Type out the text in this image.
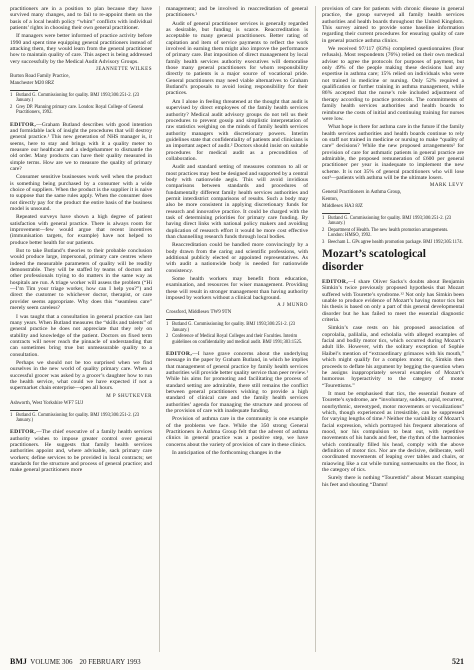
practitioners are in a position to plan because they have survived many changes, and to fail to re-appoint them on the basis of a local health policy “whim” conflicts with individual patients’ rights in choosing their own general practitioner.

If managers were better informed of practice activity before 1990 and spent time equipping general practitioners instead of attacking them, they would learn from the general practitioner how to maintain quality of care. This aspect is being addressed very successfully by the Medical Audit Advisory Groups.

JEANNETTE WILKES
Burton Road Family Practice,
Manchester M20 8RZ
1 Butland G. Commissioning for quality. BMJ 1993;306:251-2. (23 January.)
2 Grey DP. Planning primary care. London: Royal College of General Practitioners, 1992.

EDITOR,—Graham Butland describes with good intention and formidable lack of insight the procedures that will destroy general practice.¹ This new generation of NHS manager is, it seems, here to stay and brings with it a quality meter to measure our healthcare and a sledgehammer to dismantle the old order. Many products can have their quality measured in simple terms. How are we to measure the quality of primary care?

Consumer sensitive businesses work well when the product is something being purchased by a consumer with a wide choice of suppliers. When the product is the supplier it is naive to suppose that the same rules apply. When the consumer does not directly pay for the product the entire basis of the business model is unsound.

Repeated surveys have shown a high degree of patient satisfaction with general practice. There is always room for improvement—few would argue that recent incentives (immunisation targets, for example) have not helped to produce better health for our patients.

But to take Butland’s theories to their probable conclusion would produce large, impersonal, primary care centres where indeed the measurable parameters of quality will be readily demonstrable. They will be staffed by teams of doctors and other professionals trying to do matters in the same way as hospitals are run. A triage worker will assess the problem (“Hi—I’m Tim your triage worker, how can I help you?”) and direct the customer to whichever doctor, therapist, or care provider seems appropriate. Why does this “seamless care” merely seem careless?

I was taught that a consultation in general practice can last many years. When Butland measures the “skills and talents” of general practice he does not appreciate that they rely on stability and knowledge of the patient. Doctors on fixed term contracts will never reach the pinnacle of understanding that can sometimes bring true but unmeasurable quality to a consultation.

Perhaps we should not be too surprised when we find ourselves in the new world of quality primary care. When a successful grocer was asked by a grocer’s daughter how to run the health service, what could we have expected if not a supermarket chain enterprise—open all hours.

M P SHUTKEVER
Ashworth, West Yorkshire WF7 5UJ
1 Butland G. Commissioning for quality. BMJ 1993;306:251-2. (23 January.)

EDITOR,—The chief executive of a family health services authority wishes to impose greater control over general practitioners. He suggests that family health services authorities appoint and, where advisable, sack primary care workers; define services to be provided in local contracts; set standards for the structure and process of general practice; and make general practitioners more

management; and be involved in reaccreditation of general practitioners.¹

Audit of general practitioner services is generally regarded as desirable, but funding is scarce. Reaccreditation is acceptable to many general practitioners. Better rating of capitation and item of service payments to reflect the work involved in earning them might also improve the performance of primary care. But imposition of direct management by local family health services authority executives will demoralise those many general practitioners for whom responsibility directly to patients is a major source of vocational pride. General practitioners may need viable alternatives to Graham Butland’s proposals to avoid losing responsibility for their practices.

Am I alone in feeling threatened at the thought that audit is supervised by direct employees of the family health services authority? Medical audit advisory groups do not tell us their procedures to prevent gossip and simplistic interpretation of raw statistics weighing on the minds of family health services authority managers with discretionary powers. Interim guidelines state that confidentiality of patients and clinicians is an important aspect of audit.² Doctors should insist on suitable procedures for medical audit as a precondition of collaboration.

Audit and standard setting of measures common to all or most practices may best be designed and supported by a central body with nationwide aegis. This will avoid invidious comparisons between standards and procedures of fundamentally different family health services authorities and permit interdistrict comparisons of results. Such a body may also be more consistent in applying discretionary funds for research and innovative practice. It could be charged with the task of determining priorities for primary care funding. By having direct links with national policy makers and avoiding duplication of research effort it would be more cost effective than channelling research funds through local bodies.

Reaccreditation could be handled more convincingly by a body drawn from the caring and scientific professions, with additional publicly elected or appointed representatives. As with audit a nationwide body is needed for nationwide consistency.

Some health workers may benefit from education, examination, and resources for wiser management. Providing these will result in stronger management than having authority imposed by workers without a clinical background.

A J MUNRO
Crossford, Middlesex TW9 9TN
1 Butland G. Commissioning for quality. BMJ 1993;306:251-2. (23 January.)
2 Conference of Medical Royal Colleges and their Faculties. Interim guidelines on confidentiality and medical audit. BMJ 1991;303:1525.

EDITOR,—I have grave concerns about the underlying message in the paper by Graham Butland, in which he implies that management of general practice by family health services authorities will provide better quality service than peer review.¹ While his aims for promoting and facilitating the process of standard setting are admirable, there still remains the conflict between general practitioners wishing to provide a high standard of clinical care and the family health services authorities’ agenda for managing the structure and process of the provision of care with inadequate funding.

Provision of asthma care in the community is one example of the problems we face. While the 350 strong General Practitioners in Asthma Group felt that the advent of asthma clinics in general practice was a positive step, we have concerns about the variety of provision of care in these clinics.

In anticipation of the forthcoming changes in the

provision of care for patients with chronic disease in general practice, the group surveyed all family health services authorities and health boards throughout the United Kingdom. This survey aimed to provide some baseline information regarding their current procedures for ensuring quality of care in general practice asthma clinics.

We received 97/117 (83%) completed questionnaires (four refusals). Most respondents (76%) relied on their own medical adviser to agree the protocols for purposes of payment, but only 49% of the people making these decisions had any expertise in asthma care; 15% relied on individuals who were not trained in medicine or nursing. Only 52% required a qualification or further training in asthma management, while 86% accepted that the nurse’s role included adjustment of therapy according to practice protocols. The commitments of family health services authorities and health boards to reimburse the costs of initial and continuing training for nurses were low.

What hope is there for asthma care in the future if the family health services authorities and health boards continue to rely on staff not trained in medicine or nursing to make “quality of care” decisions? While the new proposed arrangements² for provision of care for asthmatic patients in general practice are admirable, the proposed remuneration of £600 per general practitioner per year is inadequate to implement the new scheme. It is not 35% of general practitioners who will lose out³—patients with asthma will be the ultimate losers.

MARK LEVY
General Practitioners in Asthma Group,
Kenton,
Middlesex HA3 8JZ
1 Butland G. Commissioning for quality. BMJ 1993;306:251-2. (23 January.)
2 Department of Health. The new health promotion arrangements. London: HMSO, 1992.
3 Beecham L. GPs agree health promotion package. BMJ 1992;305:1174.
Mozart’s scatological disorder

EDITOR,—I share Oliver Sacks’s doubts about Benjamin Simkin’s twice previously proposed hypothesis that Mozart suffered with Tourette’s syndrome.¹² Not only has Simkin been unable to produce evidence of Mozart’s having motor tics but his thesis is based on only a part of this general developmental disorder but he has failed to meet the essential diagnostic criteria.

Simkin’s case rests on his proposed association of coprolalia, palilalia, and echolalia with alleged examples of facial and bodily motor tics, which occurred during Mozart’s adult life. However, with the solitary exception of Sophie Haibel’s mention of “extraordinary grimaces with his mouth,” which might qualify for a complex motor tic, Simkin then proceeds to deflate his argument by begging the question when he assigns inappropriately several examples of Mozart’s humorous hyperactivity to the category of motor “Tourettisms.”

It must be emphasised that tics, the essential feature of Tourette’s syndrome, are “involuntary, sudden, rapid, recurrent, nonrhythmic, stereotyped, motor movements or vocalizations” which, though experienced as irresistible, can be suppressed for varying lengths of time.³ Neither the variability of Mozart’s facial expression, which portrayed his frequent alterations of mood, nor his compulsion to beat out, with repetitive movements of his hands and feet, the rhythm of the harmonies which continually filled his head, comply with the above definition of motor tics. Nor are the decisive, deliberate, well coordinated movements of leaping over tables and chairs, or miaowing like a cat while turning somersaults on the floor, in the category of tics.

Surely there is nothing “Tourettish” about Mozart stamping his feet and shouting “Damn!

BMJ VOLUME 306 20 FEBRUARY 1993	521
